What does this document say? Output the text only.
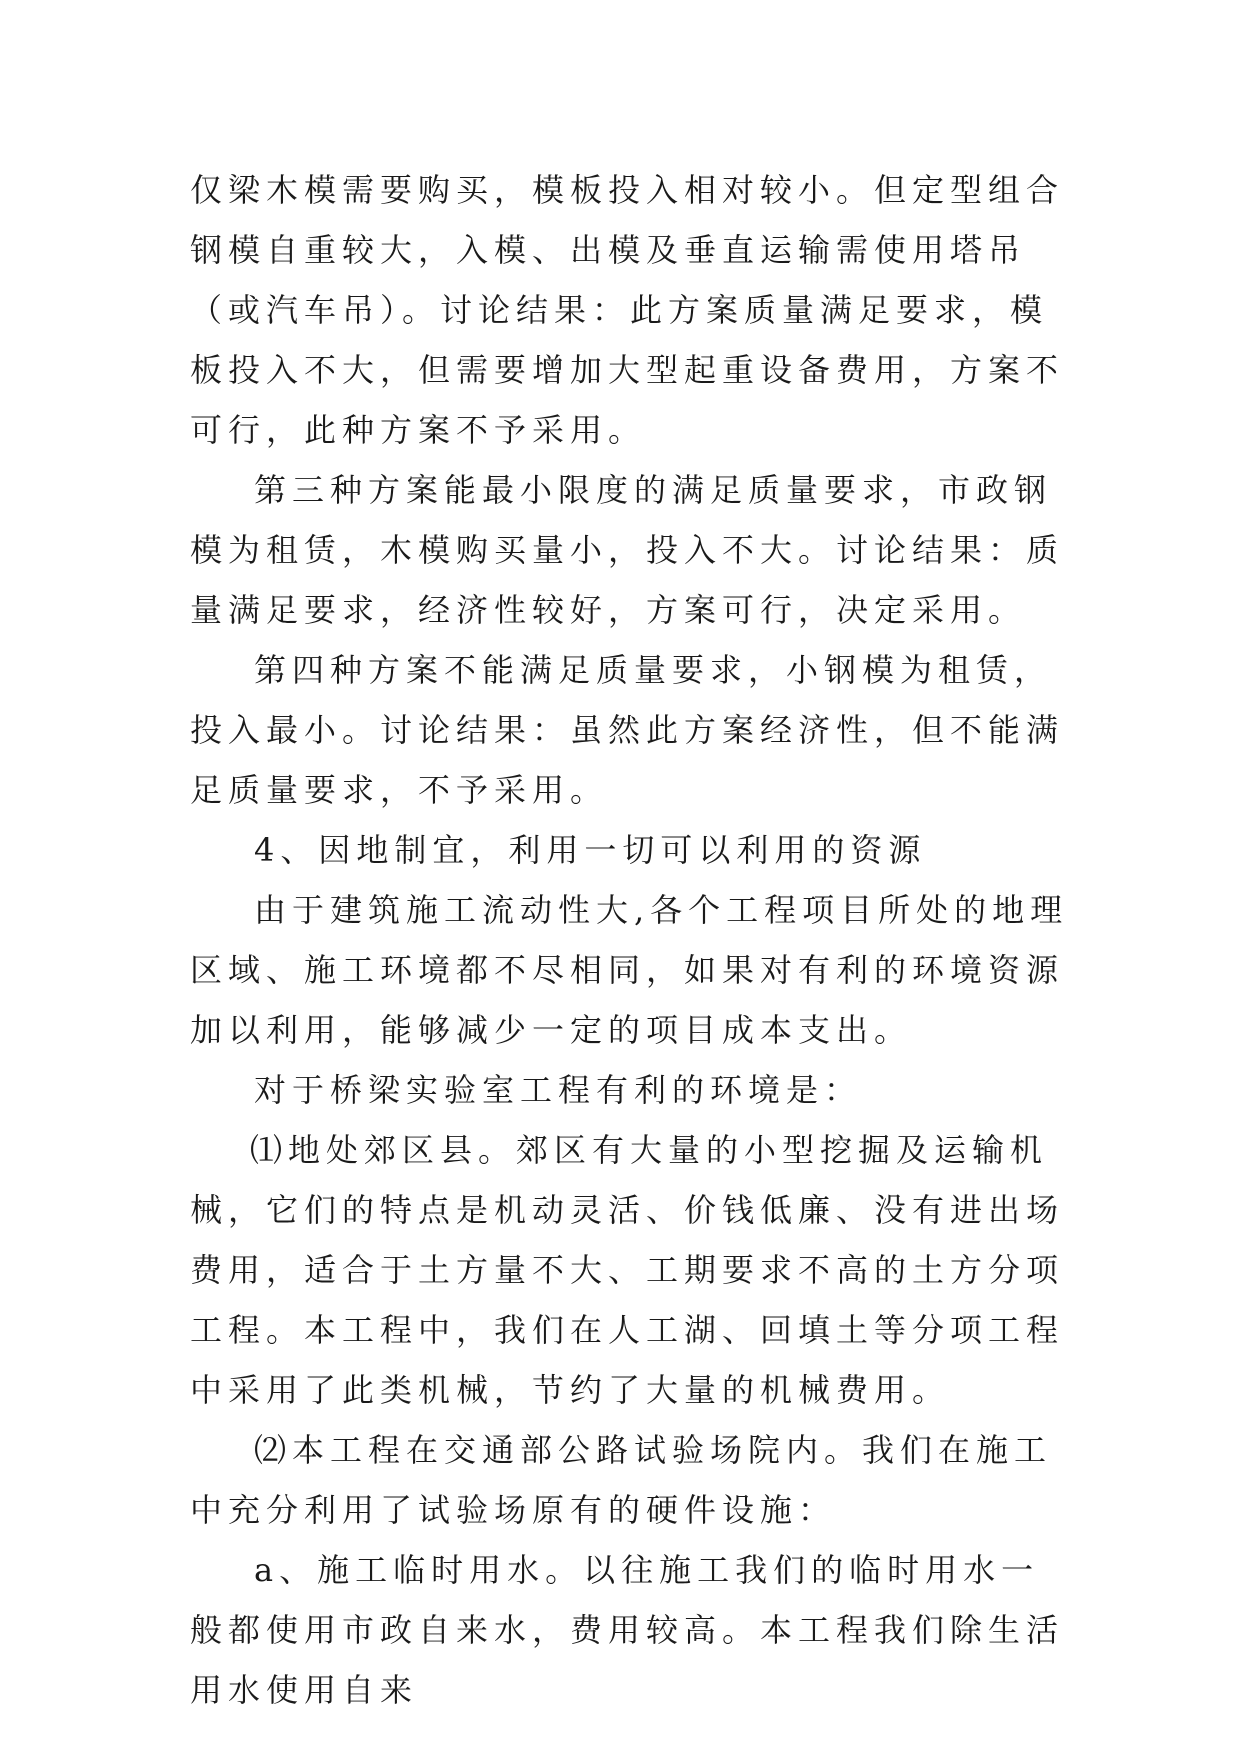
仅梁木模需要购买，模板投入相对较小。但定型组合钢模自重较大，入模、出模及垂直运输需使用塔吊（或汽车吊）。讨论结果：此方案质量满足要求，模板投入不大，但需要增加大型起重设备费用，方案不可行，此种方案不予采用。

第三种方案能最小限度的满足质量要求，市政钢模为租赁，木模购买量小，投入不大。讨论结果：质量满足要求，经济性较好，方案可行，决定采用。

第四种方案不能满足质量要求，小钢模为租赁，投入最小。讨论结果：虽然此方案经济性，但不能满足质量要求，不予采用。

4、因地制宜，利用一切可以利用的资源

由于建筑施工流动性大,各个工程项目所处的地理区域、施工环境都不尽相同，如果对有利的环境资源加以利用，能够减少一定的项目成本支出。

对于桥梁实验室工程有利的环境是：

⑴地处郊区县。郊区有大量的小型挖掘及运输机械，它们的特点是机动灵活、价钱低廉、没有进出场费用，适合于土方量不大、工期要求不高的土方分项工程。本工程中，我们在人工湖、回填土等分项工程中采用了此类机械，节约了大量的机械费用。

⑵本工程在交通部公路试验场院内。我们在施工中充分利用了试验场原有的硬件设施：

a、施工临时用水。以往施工我们的临时用水一般都使用市政自来水，费用较高。本工程我们除生活用水使用自来
